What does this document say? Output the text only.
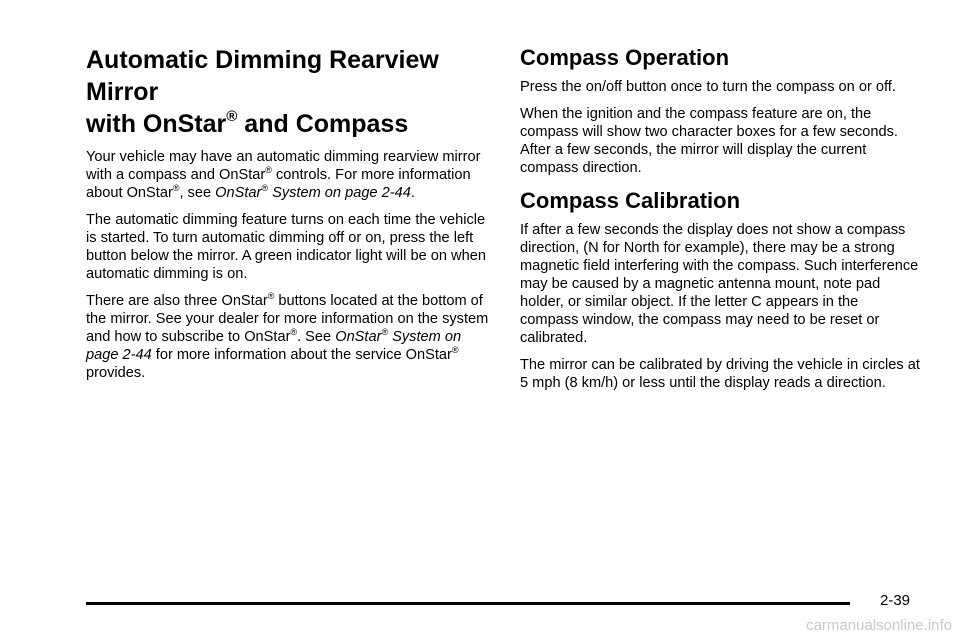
Automatic Dimming Rearview Mirror
with OnStar® and Compass

Your vehicle may have an automatic dimming rearview mirror with a compass and OnStar® controls. For more information about OnStar®, see OnStar® System on page 2-44.

The automatic dimming feature turns on each time the vehicle is started. To turn automatic dimming off or on, press the left button below the mirror. A green indicator light will be on when automatic dimming is on.

There are also three OnStar® buttons located at the bottom of the mirror. See your dealer for more information on the system and how to subscribe to OnStar®. See OnStar® System on page 2-44 for more information about the service OnStar® provides.

Compass Operation

Press the on/off button once to turn the compass on or off.

When the ignition and the compass feature are on, the compass will show two character boxes for a few seconds. After a few seconds, the mirror will display the current compass direction.

Compass Calibration

If after a few seconds the display does not show a compass direction, (N for North for example), there may be a strong magnetic field interfering with the compass. Such interference may be caused by a magnetic antenna mount, note pad holder, or similar object. If the letter C appears in the compass window, the compass may need to be reset or calibrated.

The mirror can be calibrated by driving the vehicle in circles at 5 mph (8 km/h) or less until the display reads a direction.

2-39
carmanualsonline.info
